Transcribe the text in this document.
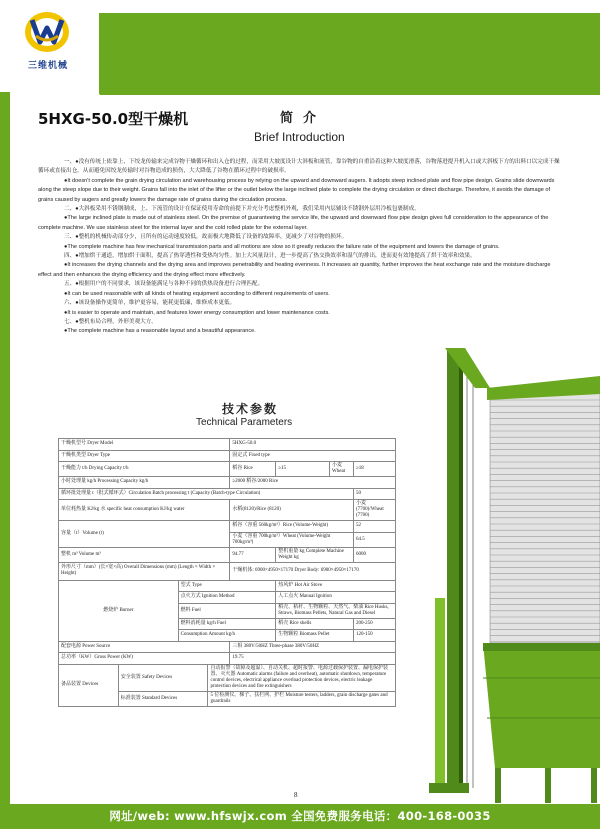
三维机械
5HXG-50.0型干燥机	简介
Brief Introduction

一、●没有传统上依靠上、下绞龙传输来完成谷物干燥循环和出入仓的过程，而采用大坡度设计大斜板和流管，靠谷物的自重沿着这种大坡度滑落，谷物落进提升机入口或大斜板下方的出料口以完成干燥循环或直接出仓。从而避免因绞龙传输时对谷物造成的损伤，大大降低了谷物在循环过程中的破损率。

●It doesn't complete the grain drying circulation and warehousing process by relying on the upward and downward augers. It adopts steep inclined plate and flow pipe design. Grains slide downwards along the steep slope due to their weight. Grains fall into the inlet of the lifter or the outlet below the large inclined plate to complete the drying circulation or direct discharge. Therefore, it avoids the damage of grains caused by augers and greatly lowers the damage rate of grains during the circulation process.

二、●大斜板采用不锈钢制成，上、下流管的设计在保证使用寿命的前提下并充分考虑整机外观，我们采用内层辅设不锈钢外层用冷板包裹制成。

●The large inclined plate is made out of stainless steel. On the premise of guaranteeing the service life, the upward and downward flow pipe design gives full consideration to the appearance of the complete machine. We use stainless steel for the internal layer and the cold rolled plate for the external layer.

三、●整机的机械传动部分少，且所有的运动速度较低，故而极大地降低了设备的故障率，更减少了对谷物的损坏。

●The complete machine has few mechanical transmission parts and all motions are slow so it greatly reduces the failure rate of the equipment and lowers the damage of grains.

四、●增加烘干通道，增加烘干面积，提高了热穿透性和受热均匀性。加上大风量设计，进一步提高了热交换效率和湿气的排出，进而更有效地提高了烘干效率和效果。

●It increases the drying channels and the drying area and improves penetrability and heating evenness. It increases air quantity, further improves the heat exchange rate and the moisture discharge effect and then enhances the drying efficiency and the drying effect more effectively.

五、●根据用户的不同要求，该设备能满足与各种不同的供热设备进行合理匹配。

●It can be used reasonable with all kinds of heating equipment according to different requirements of users.

六、●该设备操作更简单，维护更容易，能耗更低廉，维修成本更低。

●It is easier to operate and maintain, and features lower energy consumption and lower maintenance costs.

七、●整机布局合理，外形美观大方。

●The complete machine has a reasonable layout and a beautiful appearance.

技术参数
Technical Parameters
干燥机型号 Dryer Model				5HXG-50.0			
干燥机类型 Dryer Type				固定式 Fixed type			
干燥能力 t/h Drying Capacity t/h				稻谷 Rice	≥15	小麦 Wheat	≥18
小时处理量 kg/h Processing Capacity kg/h				≥2000 稻谷/2000 Rice			
循环批处理量 t（批式循环式）Circulation Batch processing t (Capacity (Batch-type Circulation)							50
单位耗热量 KJ/kg 水 specific heat consumption KJ/kg water				水稻(8120)/Rice (8120)			小麦(7700)/Wheat (7700)
容量（t）Volume (t)				稻谷（容重 560kg/m³）Rice (Volume-Weight)			52
				小麦（容重 700kg/m³）Wheat (Volume-Weight 700kg/m³)			64.5
整机 m³ Volume m³				94.77	整机重量 kg Complete Machine Weight kg		6000
外形尺寸（mm）(长×宽×高) Overall Dimensions (mm) (Length × Width × Height)				干燥机体: 6900×4950×17170 Dryer Body: 6900×4950×17170			
燃烧炉 Burner		型式 Type			热风炉 Hot Air Stove		
		点火方式 Ignition Method			人工点火 Manual Ignition		
		燃料 Fuel			稻壳、秸秆、生物颗粒、天然气、柴油 Rice Husks, Straws, Biomass Pellets, Natural Gas and Diesel		

		燃料消耗量 kg/h Fuel			稻壳 Rice shells		200-250
		Consumption Amount kg/h			生物颗粒 Biomass Pellet		120-150
配套电源 Power Source				三相 380V/50HZ Three-phase 380V/50HZ			
总功率（KW）Gross Power (KW)				19.75			
备品装置 Devices	安全装置 Safety Devices		自动报警（故障及超温）、自动关机、超时报警、电源过载保护装置、漏电保护装置、灭火器 Automatic alarms (failure and overheat), automatic shutdown, temperature control devices, electrical appliance overload protection devices, electric leakage protection devices and fire extinguishers				
	标准装置 Standard Devices		5 位检测仪、梯子、扶栏网、护栏 Moisture testers, ladders, grain discharge gates and guardrails				
8
网址/web: www.hfswjx.com 全国免费服务电话：400-168-0035
